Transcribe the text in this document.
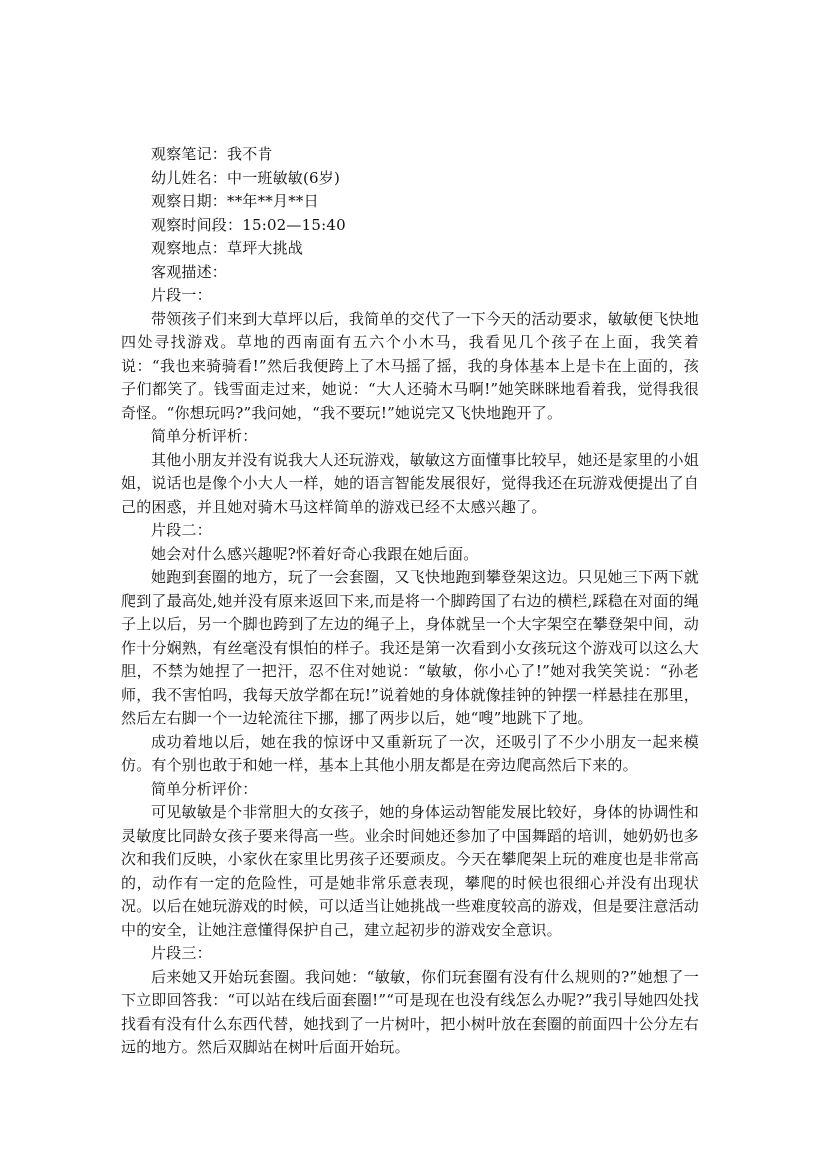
观察笔记：我不肯

幼儿姓名：中一班敏敏(6岁)

观察日期：**年**月**日

观察时间段：15:02—15:40

观察地点：草坪大挑战

客观描述：

片段一：

带领孩子们来到大草坪以后，我简单的交代了一下今天的活动要求，敏敏便飞快地四处寻找游戏。草地的西南面有五六个小木马，我看见几个孩子在上面，我笑着说：“我也来骑骑看!”然后我便跨上了木马摇了摇，我的身体基本上是卡在上面的，孩子们都笑了。钱雪面走过来，她说：“大人还骑木马啊!”她笑眯眯地看着我，觉得我很奇怪。“你想玩吗?”我问她，“我不要玩!”她说完又飞快地跑开了。

简单分析评析：

其他小朋友并没有说我大人还玩游戏，敏敏这方面懂事比较早，她还是家里的小姐姐，说话也是像个小大人一样，她的语言智能发展很好，觉得我还在玩游戏便提出了自己的困惑，并且她对骑木马这样简单的游戏已经不太感兴趣了。

片段二：

她会对什么感兴趣呢?怀着好奇心我跟在她后面。

她跑到套圈的地方，玩了一会套圈，又飞快地跑到攀登架这边。只见她三下两下就爬到了最高处,她并没有原来返回下来,而是将一个脚跨国了右边的横栏,踩稳在对面的绳子上以后，另一个脚也跨到了左边的绳子上，身体就呈一个大字架空在攀登架中间，动作十分娴熟，有丝毫没有惧怕的样子。我还是第一次看到小女孩玩这个游戏可以这么大胆，不禁为她捏了一把汗，忍不住对她说：“敏敏，你小心了!”她对我笑笑说：“孙老师，我不害怕吗，我每天放学都在玩!”说着她的身体就像挂钟的钟摆一样悬挂在那里，然后左右脚一个一边轮流往下挪，挪了两步以后，她“嗖”地跳下了地。

成功着地以后，她在我的惊讶中又重新玩了一次，还吸引了不少小朋友一起来模仿。有个别也敢于和她一样，基本上其他小朋友都是在旁边爬高然后下来的。

简单分析评价：

可见敏敏是个非常胆大的女孩子，她的身体运动智能发展比较好，身体的协调性和灵敏度比同龄女孩子要来得高一些。业余时间她还参加了中国舞蹈的培训，她奶奶也多次和我们反映，小家伙在家里比男孩子还要顽皮。今天在攀爬架上玩的难度也是非常高的，动作有一定的危险性，可是她非常乐意表现，攀爬的时候也很细心并没有出现状况。以后在她玩游戏的时候，可以适当让她挑战一些难度较高的游戏，但是要注意活动中的安全，让她注意懂得保护自己，建立起初步的游戏安全意识。

片段三：

后来她又开始玩套圈。我问她：“敏敏，你们玩套圈有没有什么规则的?”她想了一下立即回答我：“可以站在线后面套圈!”“可是现在也没有线怎么办呢?”我引导她四处找找看有没有什么东西代替，她找到了一片树叶，把小树叶放在套圈的前面四十公分左右远的地方。然后双脚站在树叶后面开始玩。
